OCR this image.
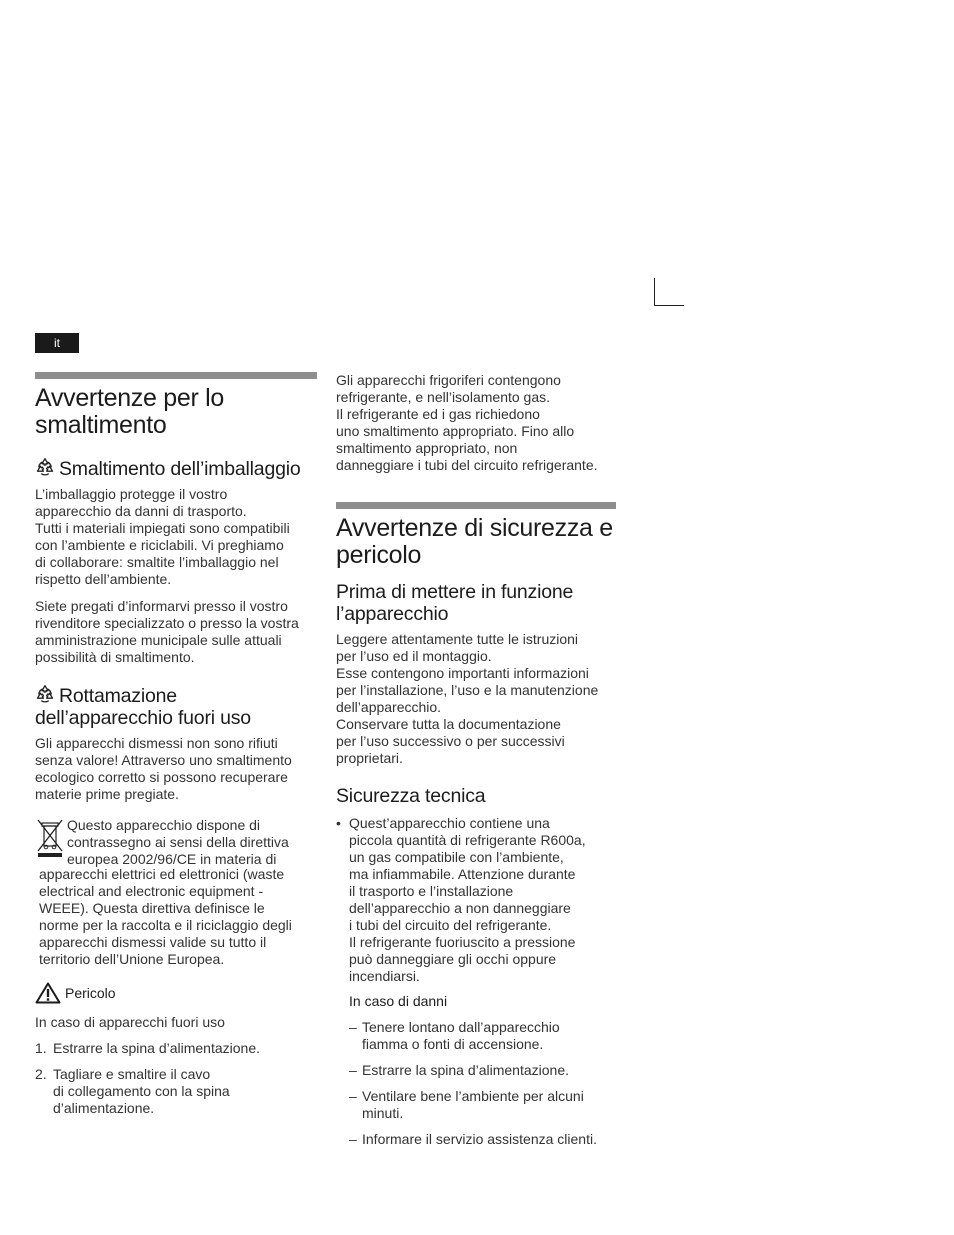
it
Avvertenze per lo smaltimento
Smaltimento dell’imballaggio

L’imballaggio protegge il vostro
apparecchio da danni di trasporto.
Tutti i materiali impiegati sono compatibili
con l’ambiente e riciclabili. Vi preghiamo
di collaborare: smaltite l’imballaggio nel
rispetto dell’ambiente.

Siete pregati d’informarvi presso il vostro
rivenditore specializzato o presso la vostra
amministrazione municipale sulle attuali
possibilità di smaltimento.

Rottamazione dell’apparecchio fuori uso

Gli apparecchi dismessi non sono rifiuti
senza valore! Attraverso uno smaltimento
ecologico corretto si possono recuperare
materie prime pregiate.

Questo apparecchio dispone di
contrassegno ai sensi della direttiva
europea 2002/96/CE in materia di
apparecchi elettrici ed elettronici (waste
electrical and electronic equipment -
WEEE). Questa direttiva definisce le
norme per la raccolta e il riciclaggio degli
apparecchi dismessi valide su tutto il
territorio dell’Unione Europea.
Pericolo

In caso di apparecchi fuori uso

1. Estrarre la spina d’alimentazione.
2. Tagliare e smaltire il cavo
di collegamento con la spina
d’alimentazione.

Gli apparecchi frigoriferi contengono
refrigerante, e nell’isolamento gas.
Il refrigerante ed i gas richiedono
uno smaltimento appropriato. Fino allo
smaltimento appropriato, non
danneggiare i tubi del circuito refrigerante.

Avvertenze di sicurezza e pericolo
Prima di mettere in funzione l’apparecchio

Leggere attentamente tutte le istruzioni
per l’uso ed il montaggio.
Esse contengono importanti informazioni
per l’installazione, l’uso e la manutenzione
dell’apparecchio.
Conservare tutta la documentazione
per l’uso successivo o per successivi
proprietari.

Sicurezza tecnica
• Quest’apparecchio contiene una
piccola quantità di refrigerante R600a,
un gas compatibile con l’ambiente,
ma infiammabile. Attenzione durante
il trasporto e l’installazione
dell’apparecchio a non danneggiare
i tubi del circuito del refrigerante.
Il refrigerante fuoriuscito a pressione
può danneggiare gli occhi oppure
incendiarsi.
In caso di danni
– Tenere lontano dall’apparecchio
fiamma o fonti di accensione.
– Estrarre la spina d’alimentazione.
– Ventilare bene l’ambiente per alcuni
minuti.
– Informare il servizio assistenza clienti.
